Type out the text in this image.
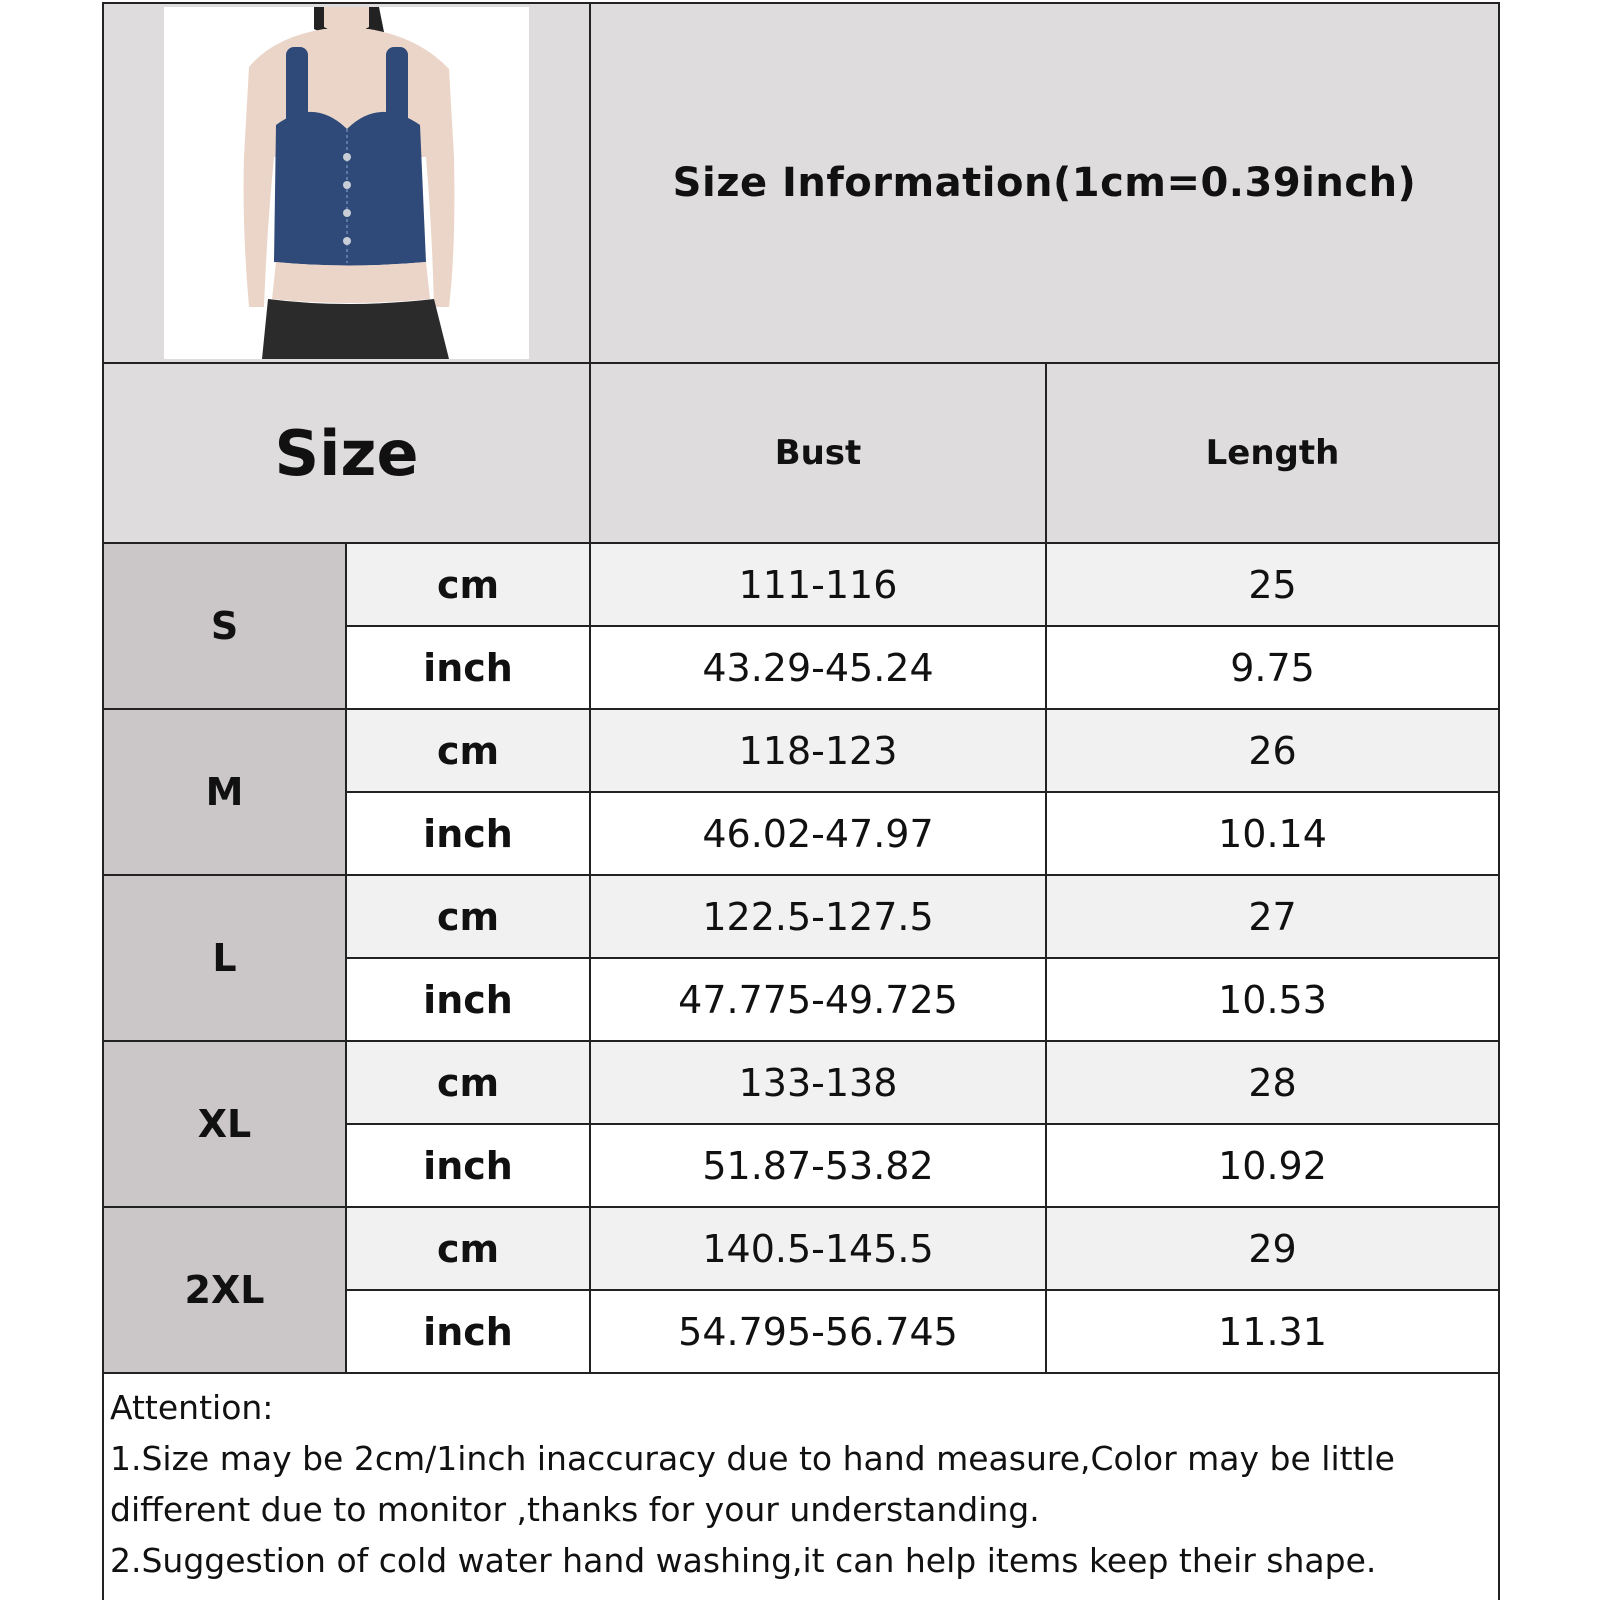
Size Information(1cm=0.39inch)
Size	Bust	Length
S
cm	111-116	25
inch	43.29-45.24	9.75
M
cm	118-123	26
inch	46.02-47.97	10.14
L
cm	122.5-127.5	27
inch	47.775-49.725	10.53
XL
cm	133-138	28
inch	51.87-53.82	10.92
2XL
cm	140.5-145.5	29
inch	54.795-56.745	11.31
Attention:
1.Size may be 2cm/1inch inaccuracy due to hand measure,Color may be little
different due to monitor ,thanks for your understanding.
2.Suggestion of cold water hand washing,it can help items keep their shape.
